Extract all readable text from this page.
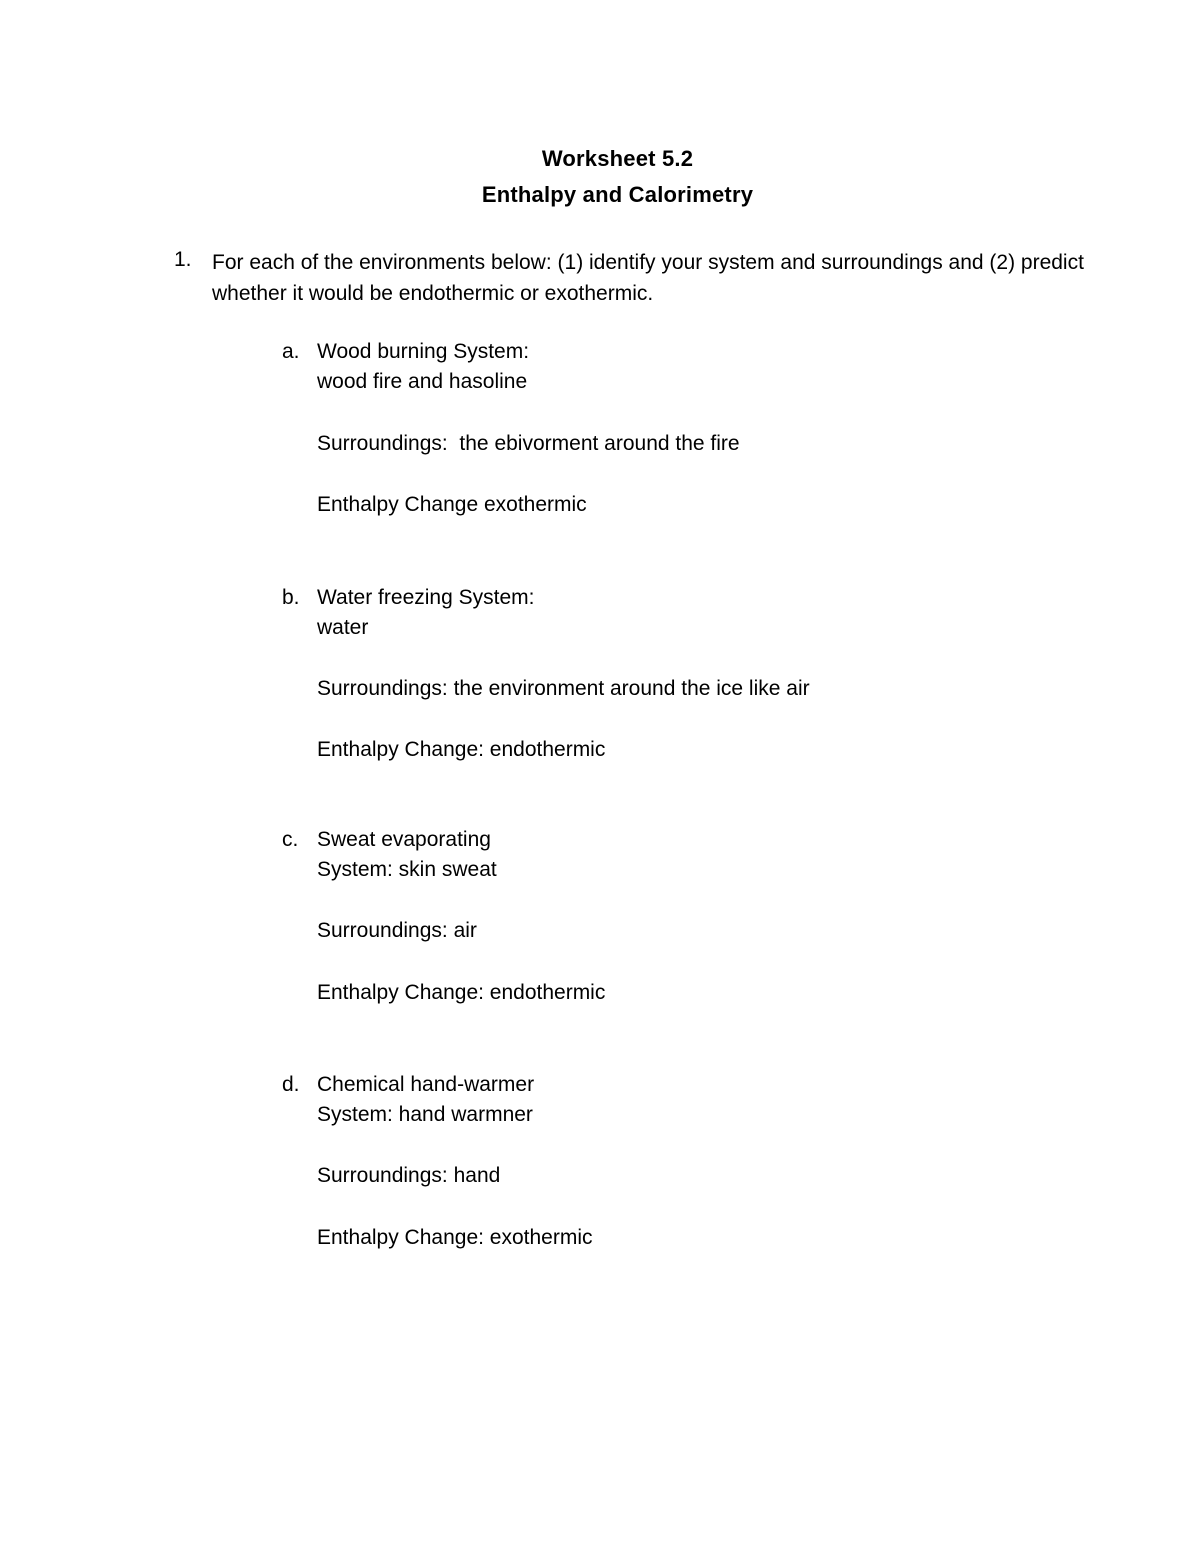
Worksheet 5.2
Enthalpy and Calorimetry
1. For each of the environments below: (1) identify your system and surroundings and (2) predict whether it would be endothermic or exothermic.
a. Wood burning System:
wood fire and hasoline
Surroundings:  the ebivorment around the fire
Enthalpy Change exothermic
b. Water freezing System:
water
Surroundings: the environment around the ice like air
Enthalpy Change: endothermic
c. Sweat evaporating
System: skin sweat
Surroundings: air
Enthalpy Change: endothermic
d. Chemical hand-warmer
System: hand warmner
Surroundings: hand
Enthalpy Change: exothermic
